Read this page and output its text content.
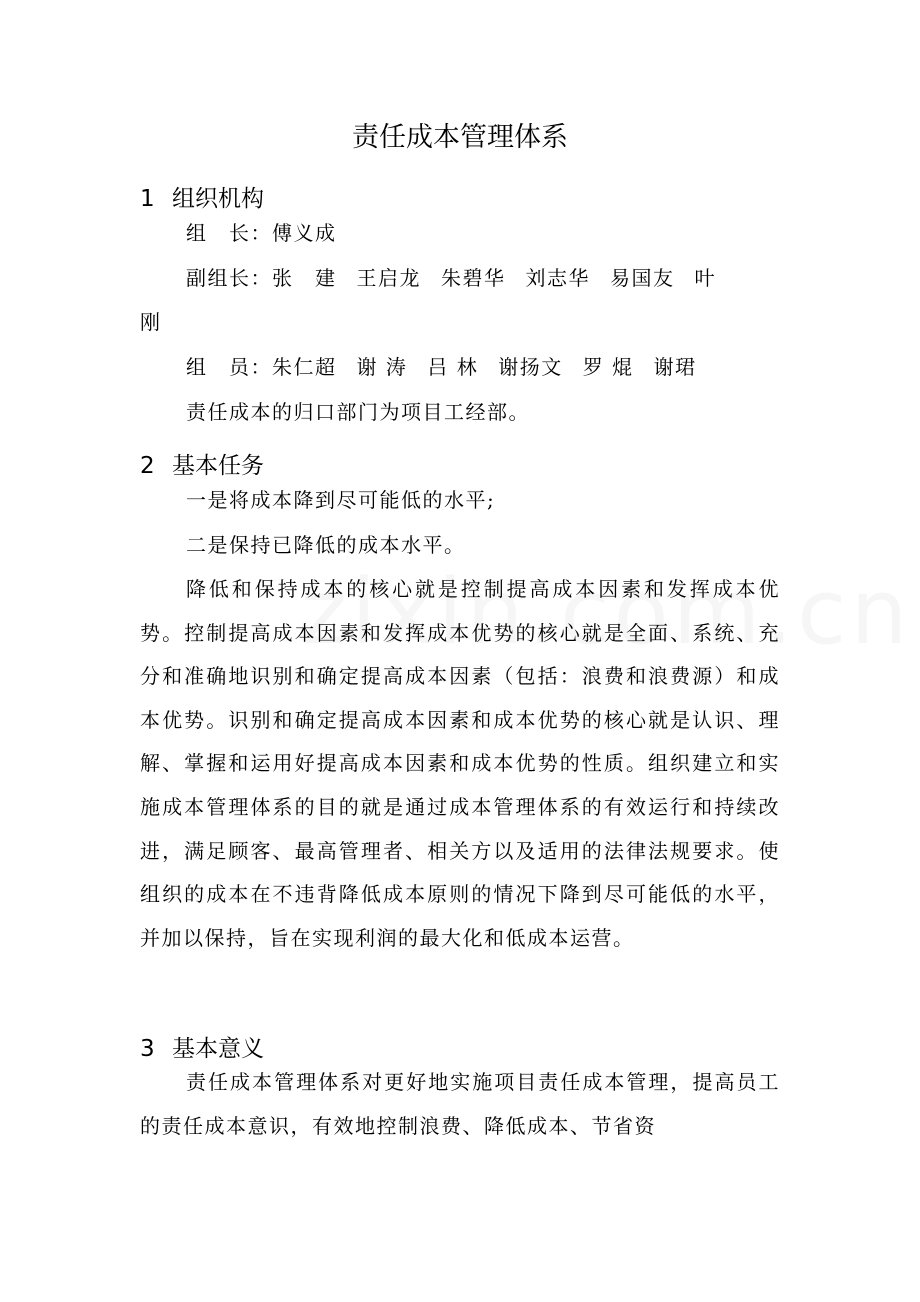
责任成本管理体系
1 组织机构
组　长：傅义成
副组长：张　建 王启龙 朱碧华 刘志华 易国友 叶
刚
组　员：朱仁超 谢 涛 吕 林 谢扬文 罗 焜 谢珺
责任成本的归口部门为项目工经部。
2 基本任务
一是将成本降到尽可能低的水平;
二是保持已降低的成本水平。

降低和保持成本的核心就是控制提高成本因素和发挥成本优势。控制提高成本因素和发挥成本优势的核心就是全面、系统、充分和准确地识别和确定提高成本因素（包括：浪费和浪费源）和成本优势。识别和确定提高成本因素和成本优势的核心就是认识、理解、掌握和运用好提高成本因素和成本优势的性质。组织建立和实施成本管理体系的目的就是通过成本管理体系的有效运行和持续改进，满足顾客、最高管理者、相关方以及适用的法律法规要求。使组织的成本在不违背降低成本原则的情况下降到尽可能低的水平，并加以保持，旨在实现利润的最大化和低成本运营。

3 基本意义

责任成本管理体系对更好地实施项目责任成本管理，提高员工的责任成本意识，有效地控制浪费、降低成本、节省资
